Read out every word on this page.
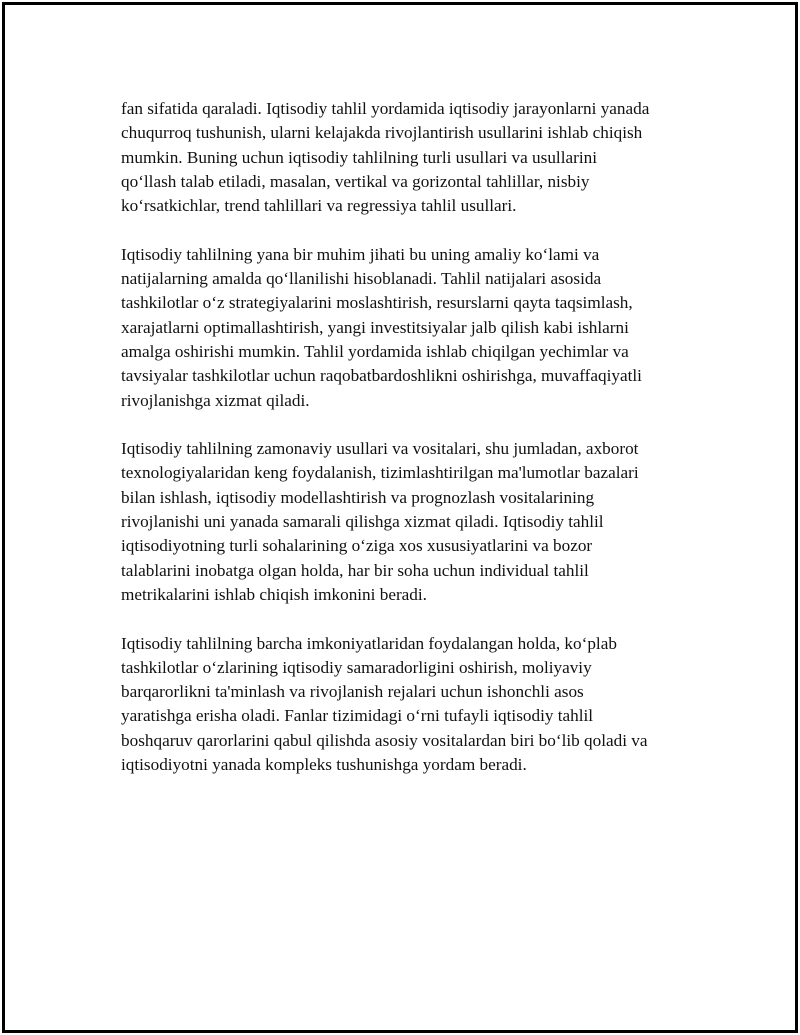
fan sifatida qaraladi. Iqtisodiy tahlil yordamida iqtisodiy jarayonlarni yanada
chuqurroq tushunish, ularni kelajakda rivojlantirish usullarini ishlab chiqish
mumkin. Buning uchun iqtisodiy tahlilning turli usullari va usullarini
qo‘llash talab etiladi, masalan, vertikal va gorizontal tahlillar, nisbiy
ko‘rsatkichlar, trend tahlillari va regressiya tahlil usullari.

Iqtisodiy tahlilning yana bir muhim jihati bu uning amaliy ko‘lami va
natijalarning amalda qo‘llanilishi hisoblanadi. Tahlil natijalari asosida
tashkilotlar o‘z strategiyalarini moslashtirish, resurslarni qayta taqsimlash,
xarajatlarni optimallashtirish, yangi investitsiyalar jalb qilish kabi ishlarni
amalga oshirishi mumkin. Tahlil yordamida ishlab chiqilgan yechimlar va
tavsiyalar tashkilotlar uchun raqobatbardoshlikni oshirishga, muvaffaqiyatli
rivojlanishga xizmat qiladi.

Iqtisodiy tahlilning zamonaviy usullari va vositalari, shu jumladan, axborot
texnologiyalaridan keng foydalanish, tizimlashtirilgan ma'lumotlar bazalari
bilan ishlash, iqtisodiy modellashtirish va prognozlash vositalarining
rivojlanishi uni yanada samarali qilishga xizmat qiladi. Iqtisodiy tahlil
iqtisodiyotning turli sohalarining o‘ziga xos xususiyatlarini va bozor
talablarini inobatga olgan holda, har bir soha uchun individual tahlil
metrikalarini ishlab chiqish imkonini beradi.

Iqtisodiy tahlilning barcha imkoniyatlaridan foydalangan holda, ko‘plab
tashkilotlar o‘zlarining iqtisodiy samaradorligini oshirish, moliyaviy
barqarorlikni ta'minlash va rivojlanish rejalari uchun ishonchli asos
yaratishga erisha oladi. Fanlar tizimidagi o‘rni tufayli iqtisodiy tahlil
boshqaruv qarorlarini qabul qilishda asosiy vositalardan biri bo‘lib qoladi va
iqtisodiyotni yanada kompleks tushunishga yordam beradi.
